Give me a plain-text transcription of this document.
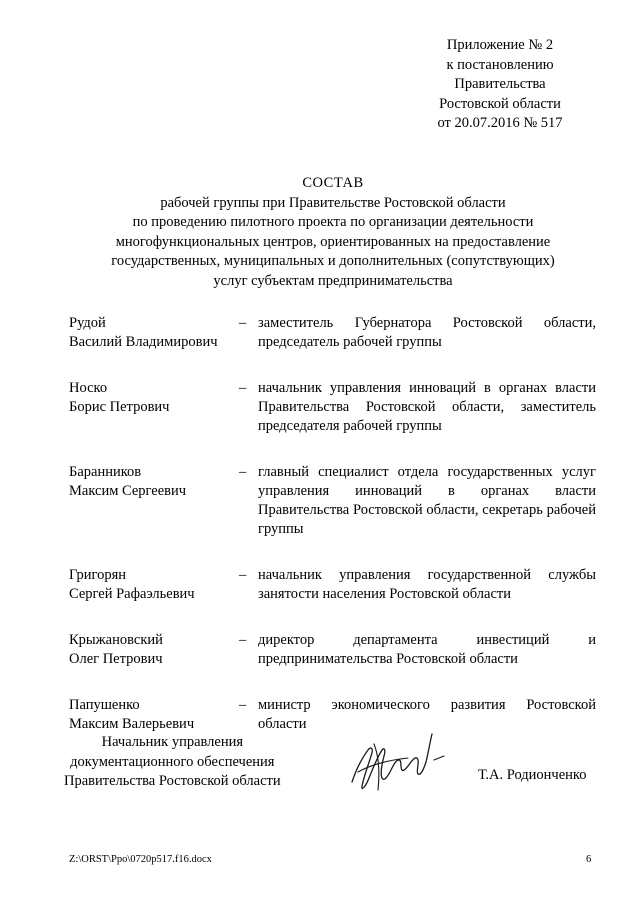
Приложение № 2
к постановлению
Правительства
Ростовской области
от 20.07.2016 № 517
СОСТАВ
рабочей группы при Правительстве Ростовской области
по проведению пилотного проекта по организации деятельности
многофункциональных центров, ориентированных на предоставление
государственных, муниципальных и дополнительных (сопутствующих)
услуг субъектам предпринимательства
Рудой
Василий Владимирович
– заместитель Губернатора Ростовской области, председатель рабочей группы
Носко
Борис Петрович
– начальник управления инноваций в органах власти Правительства Ростовской области, заместитель председателя рабочей группы
Баранников
Максим Сергеевич
– главный специалист отдела государственных услуг управления инноваций в органах власти Правительства Ростовской области, секретарь рабочей группы
Григорян
Сергей Рафаэльевич
– начальник управления государственной службы занятости населения Ростовской области
Крыжановский
Олег Петрович
– директор департамента инвестиций и предпринимательства Ростовской области
Папушенко
Максим Валерьевич
– министр экономического развития Ростовской области
Начальник управления
документационного обеспечения
Правительства Ростовской области	Т.А. Родионченко
Z:\ORST\Ppo\0720p517.f16.docx	6
